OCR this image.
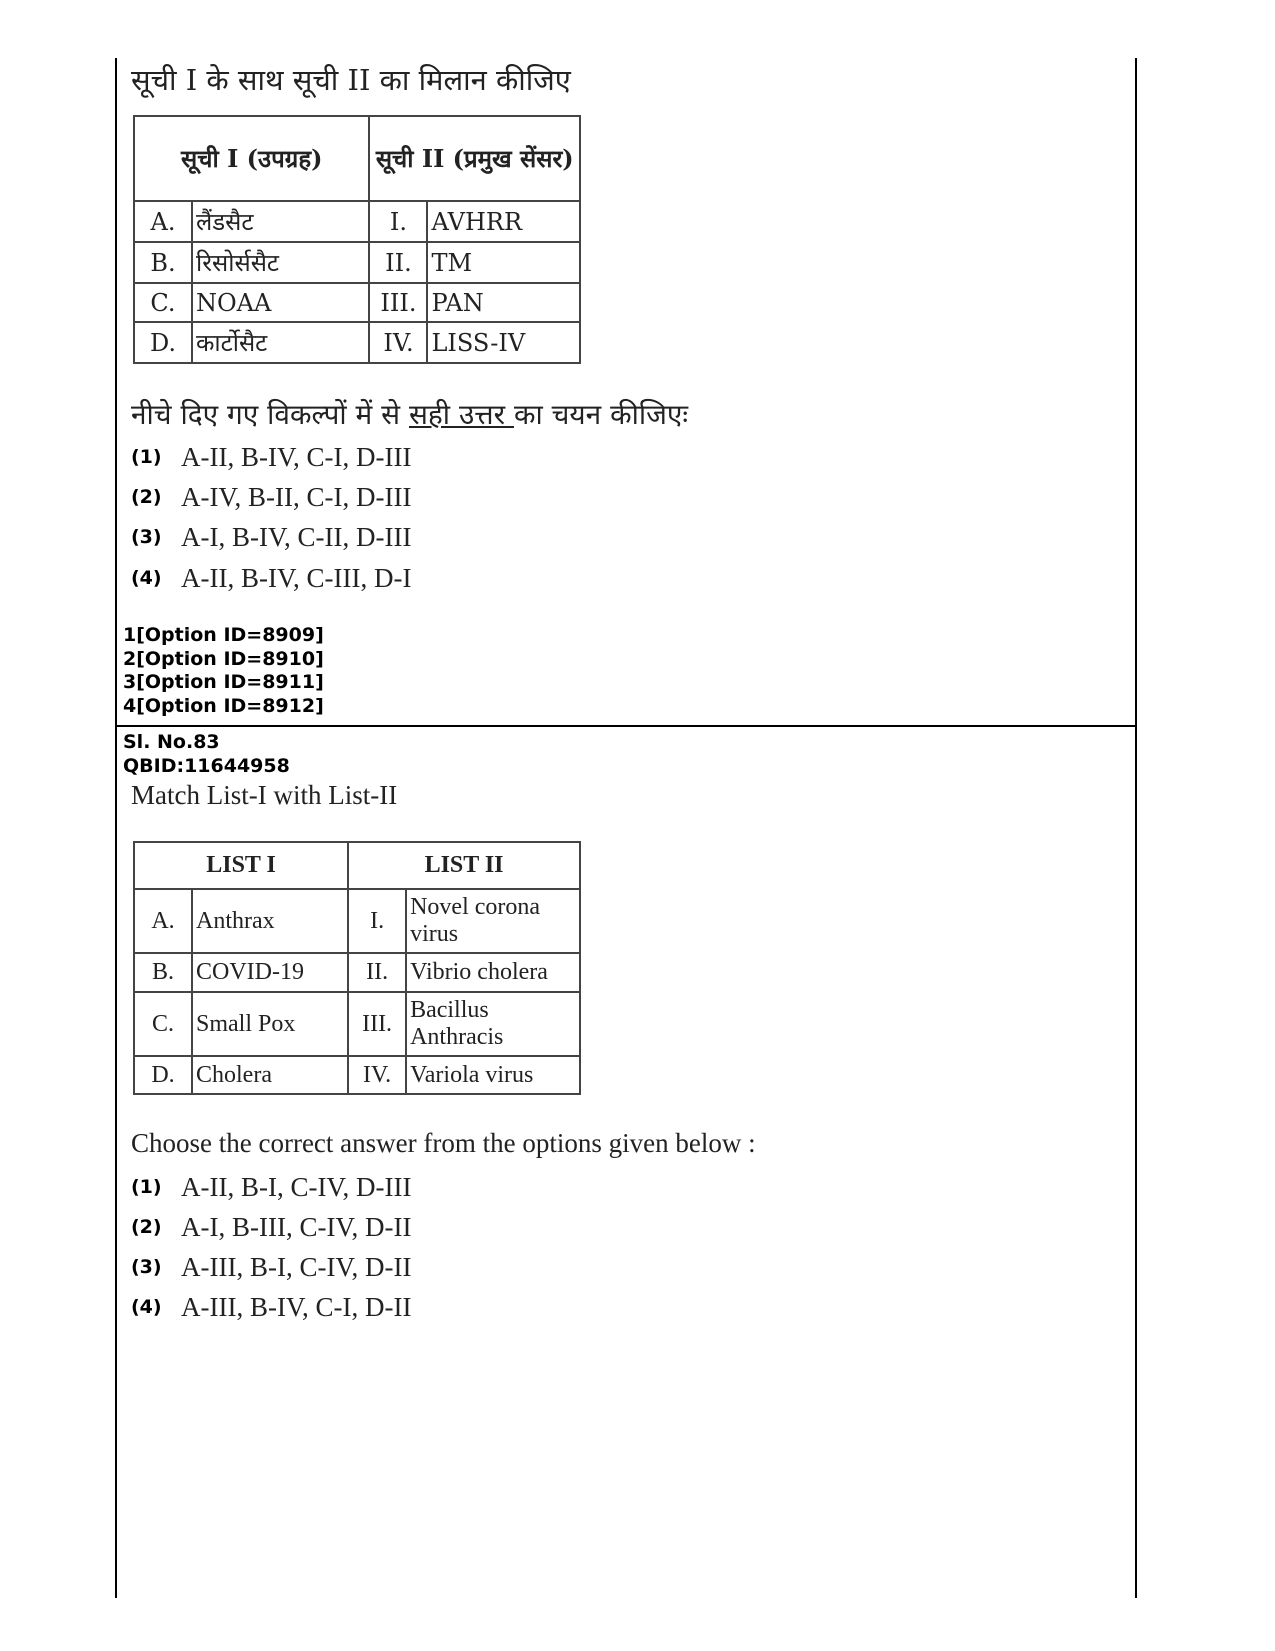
सूची I के साथ सूची II का मिलान कीजिए
सूची I (उपग्रह)		सूची II (प्रमुख सेंसर)	
A.	लैंडसैट	I.	AVHRR
B.	रिसोर्ससैट	II.	TM
C.	NOAA	III.	PAN
D.	कार्टोसैट	IV.	LISS-IV
नीचे दिए गए विकल्पों में से सही उत्तर का चयन कीजिएः
(1) A-II, B-IV, C-I, D-III
(2) A-IV, B-II, C-I, D-III
(3) A-I, B-IV, C-II, D-III
(4) A-II, B-IV, C-III, D-I
1[Option ID=8909]
2[Option ID=8910]
3[Option ID=8911]
4[Option ID=8912]
Sl. No.83
QBID:11644958
Match List-I with List-II
LIST I		LIST II	
A.	Anthrax	I.	Novel corona virus
B.	COVID-19	II.	Vibrio cholera
C.	Small Pox	III.	Bacillus Anthracis
D.	Cholera	IV.	Variola virus
Choose the correct answer from the options given below :
(1) A-II, B-I, C-IV, D-III
(2) A-I, B-III, C-IV, D-II
(3) A-III, B-I, C-IV, D-II
(4) A-III, B-IV, C-I, D-II
